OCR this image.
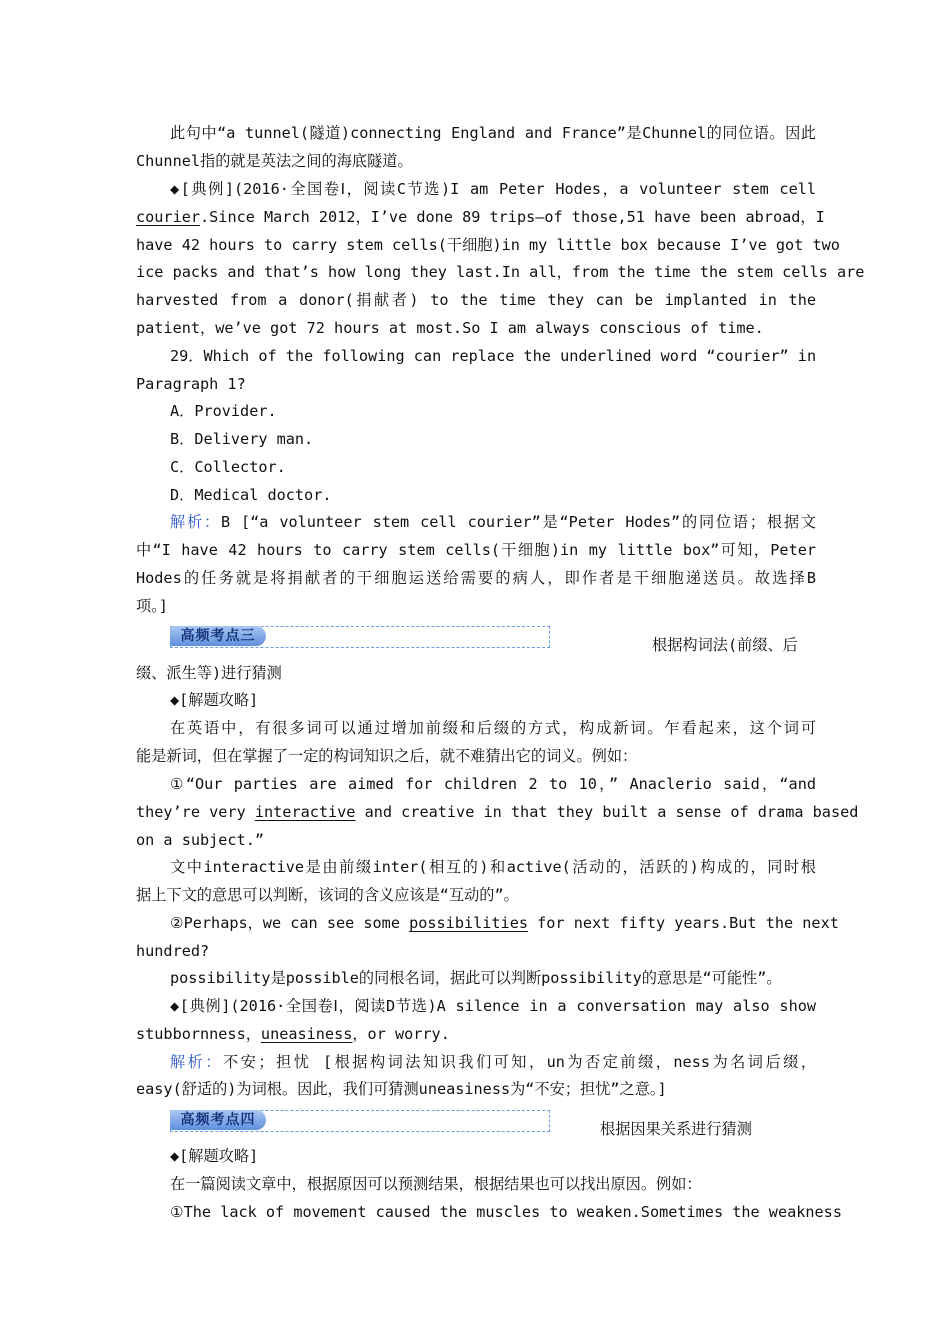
此句中“a tunnel(隧道)connecting England and France”是Chunnel的同位语。因此
Chunnel指的就是英法之间的海底隧道。
◆[典例](2016·全国卷Ⅰ，阅读C节选)I am Peter Hodes，a volunteer stem cell
courier.Since March 2012，I’ve done 89 trips—of those,51 have been abroad，I
have 42 hours to carry stem cells(干细胞)in my little box because I’ve got two
ice packs and that’s how long they last.In all，from the time the stem cells are
harvested from a donor(捐献者) to the time they can be implanted in the
patient，we’ve got 72 hours at most.So I am always conscious of time.
29．Which of the following can replace the underlined word “courier” in
Paragraph 1?
A．Provider.
B．Delivery man.
C．Collector.
D．Medical doctor.
解析：B [“a volunteer stem cell courier”是“Peter Hodes”的同位语；根据文
中“I have 42 hours to carry stem cells(干细胞)in my little box”可知，Peter
Hodes的任务就是将捐献者的干细胞运送给需要的病人，即作者是干细胞递送员。故选择B
项。]
高频考点三	根据构词法(前缀、后
缀、派生等)进行猜测
◆[解题攻略]
在英语中，有很多词可以通过增加前缀和后缀的方式，构成新词。乍看起来，这个词可
能是新词，但在掌握了一定的构词知识之后，就不难猜出它的词义。例如：
①“Our parties are aimed for children 2 to 10，” Anaclerio said，“and
they’re very interactive and creative in that they built a sense of drama based
on a subject.”
文中interactive是由前缀inter(相互的)和active(活动的，活跃的)构成的，同时根
据上下文的意思可以判断，该词的含义应该是“互动的”。
②Perhaps，we can see some possibilities for next fifty years.But the next
hundred?
possibility是possible的同根名词，据此可以判断possibility的意思是“可能性”。
◆[典例](2016·全国卷Ⅰ，阅读D节选)A silence in a conversation may also show
stubbornness，uneasiness，or worry.
解析：不安；担忧 [根据构词法知识我们可知，un为否定前缀，ness为名词后缀，
easy(舒适的)为词根。因此，我们可猜测uneasiness为“不安；担忧”之意。]
高频考点四	根据因果关系进行猜测
◆[解题攻略]
在一篇阅读文章中，根据原因可以预测结果，根据结果也可以找出原因。例如：
①The lack of movement caused the muscles to weaken.Sometimes the weakness
